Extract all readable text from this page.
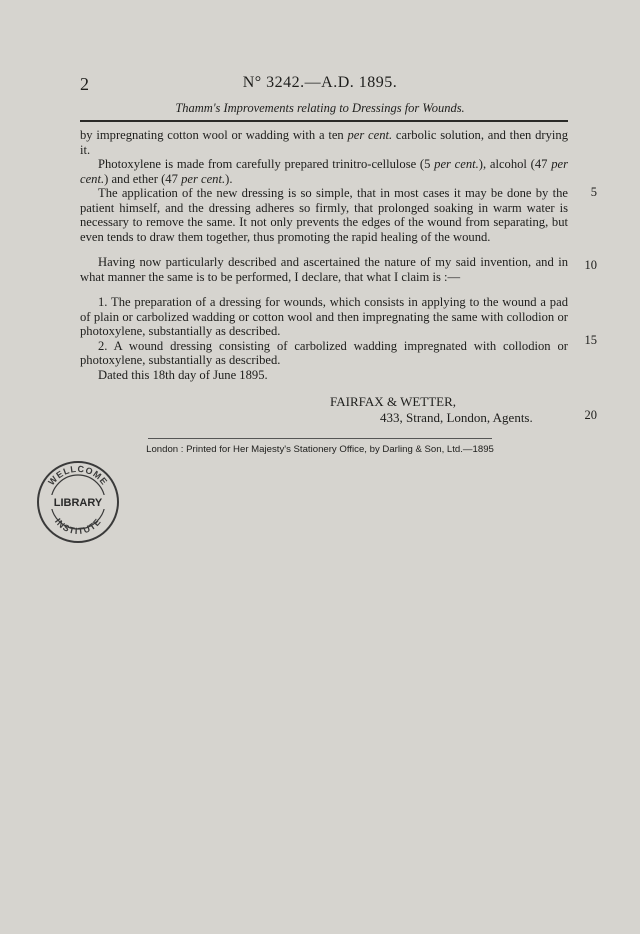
2	N° 3242.—A.D. 1895.
Thamm's Improvements relating to Dressings for Wounds.

by impregnating cotton wool or wadding with a ten per cent. carbolic solution, and then drying it.

Photoxylene is made from carefully prepared trinitro-cellulose (5 per cent.), alcohol (47 per cent.) and ether (47 per cent.).

The application of the new dressing is so simple, that in most cases it may be done by the patient himself, and the dressing adheres so firmly, that prolonged soaking in warm water is necessary to remove the same. It not only prevents the edges of the wound from separating, but even tends to draw them together, thus promoting the rapid healing of the wound.

Having now particularly described and ascertained the nature of my said invention, and in what manner the same is to be performed, I declare, that what I claim is :—

1. The preparation of a dressing for wounds, which consists in applying to the wound a pad of plain or carbolized wadding or cotton wool and then impregnating the same with collodion or photoxylene, substantially as described.

2. A wound dressing consisting of carbolized wadding impregnated with collodion or photoxylene, substantially as described.

Dated this 18th day of June 1895.

FAIRFAX & WETTER,
433, Strand, London, Agents.
5
10
15
20
London : Printed for Her Majesty's Stationery Office, by Darling & Son, Ltd.—1895
WELLCOME
INSTITUTE
LIBRARY
